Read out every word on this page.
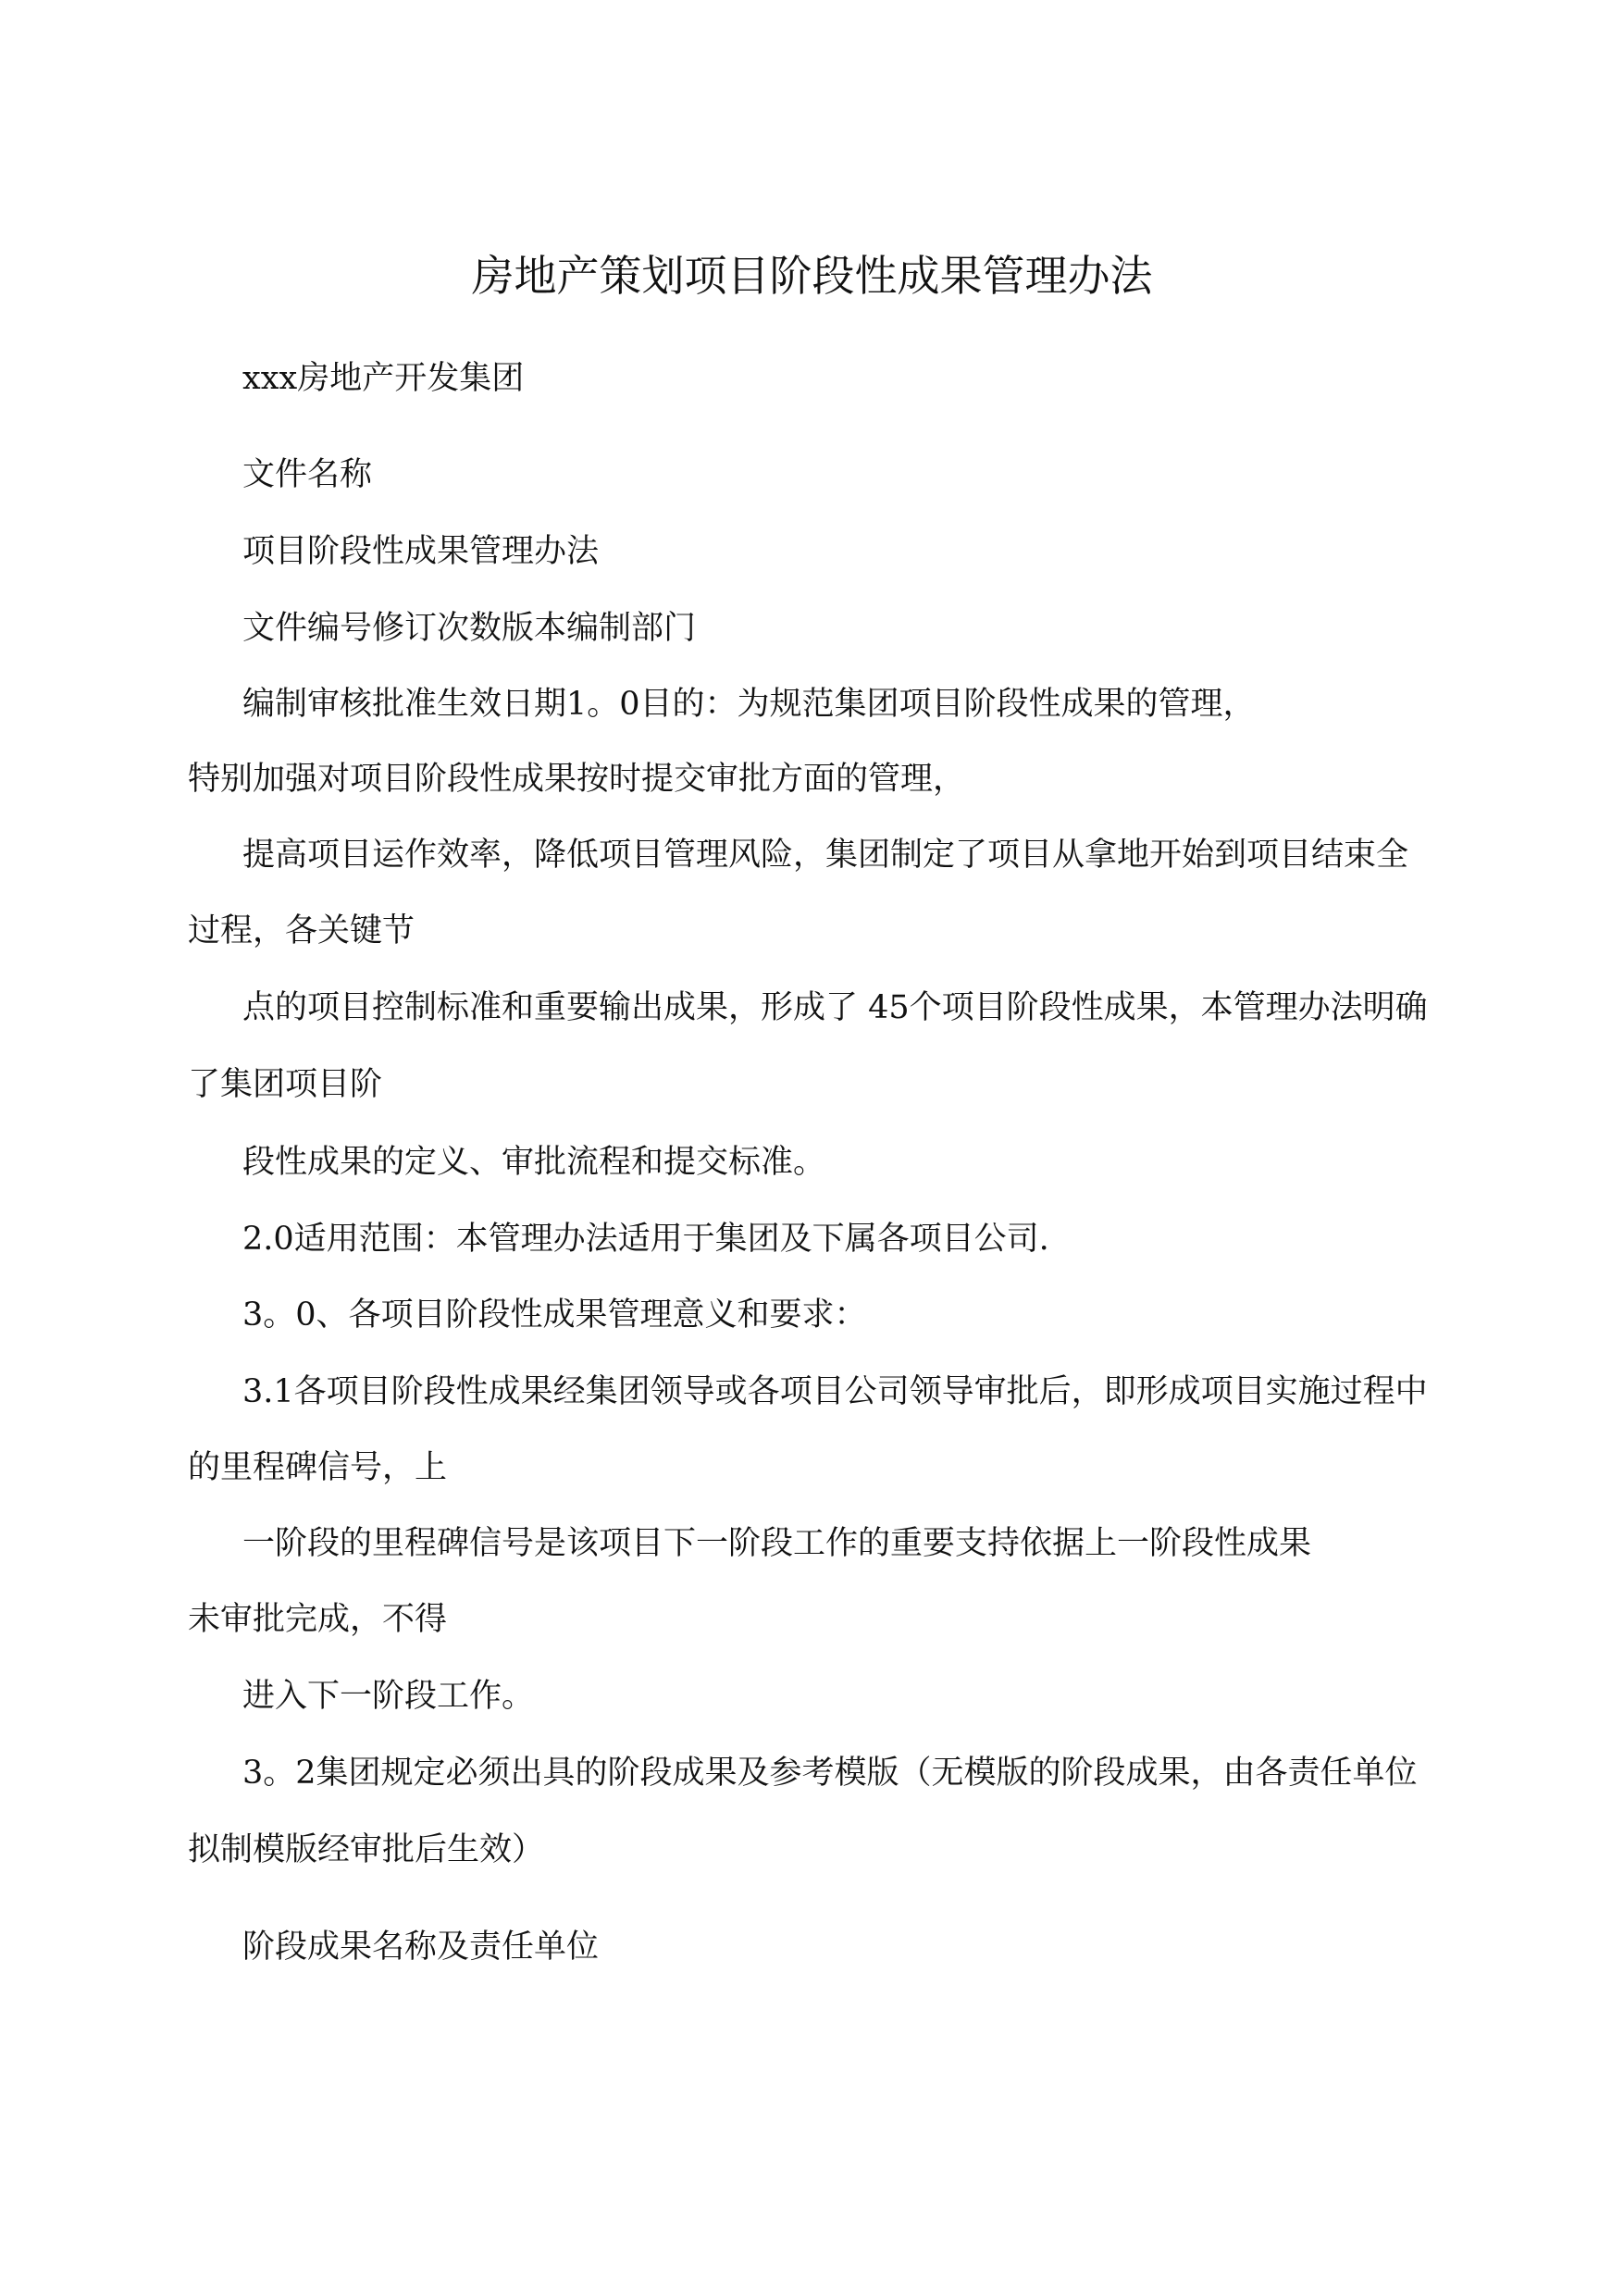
房地产策划项目阶段性成果管理办法
xxx房地产开发集团
文件名称
项目阶段性成果管理办法
文件编号修订次数版本编制部门
编制审核批准生效日期1。0目的：为规范集团项目阶段性成果的管理，
特别加强对项目阶段性成果按时提交审批方面的管理，
提高项目运作效率，降低项目管理风险，集团制定了项目从拿地开始到项目结束全
过程，各关键节
点的项目控制标准和重要输出成果，形成了 45个项目阶段性成果，本管理办法明确
了集团项目阶
段性成果的定义、审批流程和提交标准。
2.0适用范围：本管理办法适用于集团及下属各项目公司.
3。0、各项目阶段性成果管理意义和要求：
3.1各项目阶段性成果经集团领导或各项目公司领导审批后，即形成项目实施过程中
的里程碑信号，上
一阶段的里程碑信号是该项目下一阶段工作的重要支持依据上一阶段性成果
未审批完成，不得
进入下一阶段工作。
3。2集团规定必须出具的阶段成果及参考模版（无模版的阶段成果，由各责任单位
拟制模版经审批后生效）
阶段成果名称及责任单位
